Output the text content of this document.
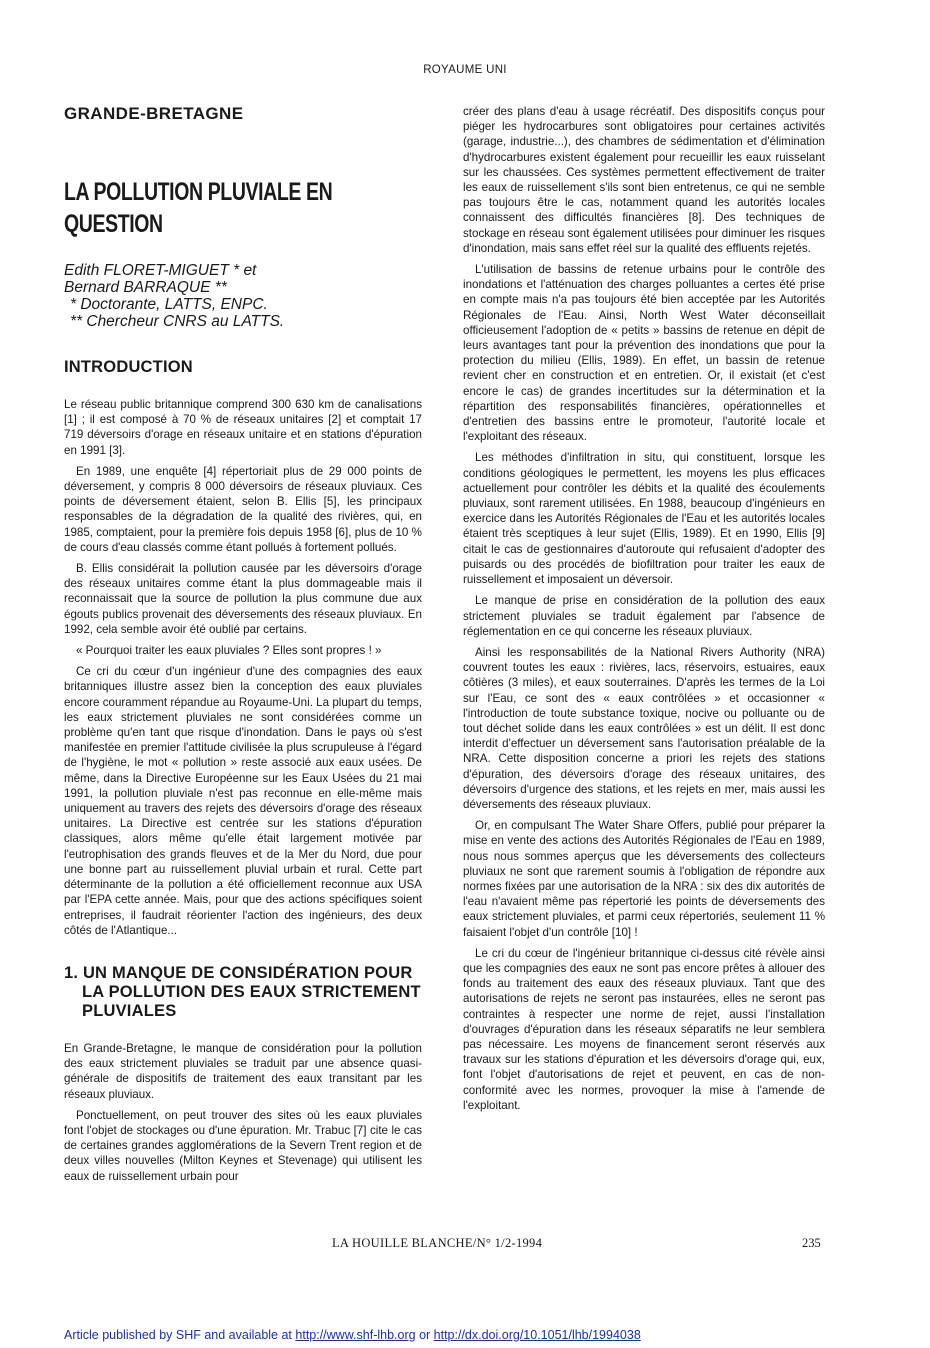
ROYAUME UNI
GRANDE-BRETAGNE
LA POLLUTION PLUVIALE EN
QUESTION
Edith FLORET-MIGUET * et
Bernard BARRAQUE **
* Doctorante, LATTS, ENPC.
** Chercheur CNRS au LATTS.
INTRODUCTION

Le réseau public britannique comprend 300 630 km de canalisations [1] ; il est composé à 70 % de réseaux unitaires [2] et comptait 17 719 déversoirs d'orage en réseaux unitaire et en stations d'épuration en 1991 [3].

En 1989, une enquête [4] répertoriait plus de 29 000 points de déversement, y compris 8 000 déversoirs de réseaux pluviaux. Ces points de déversement étaient, selon B. Ellis [5], les principaux responsables de la dégradation de la qualité des rivières, qui, en 1985, comptaient, pour la première fois depuis 1958 [6], plus de 10 % de cours d'eau classés comme étant pollués à fortement pollués.

B. Ellis considérait la pollution causée par les déversoirs d'orage des réseaux unitaires comme étant la plus dommageable mais il reconnaissait que la source de pollution la plus commune due aux égouts publics provenait des déversements des réseaux pluviaux. En 1992, cela semble avoir été oublié par certains.

« Pourquoi traiter les eaux pluviales ? Elles sont propres ! »

Ce cri du cœur d'un ingénieur d'une des compagnies des eaux britanniques illustre assez bien la conception des eaux pluviales encore couramment répandue au Royaume-Uni. La plupart du temps, les eaux strictement pluviales ne sont considérées comme un problème qu'en tant que risque d'inondation. Dans le pays où s'est manifestée en premier l'attitude civilisée la plus scrupuleuse à l'égard de l'hygiène, le mot « pollution » reste associé aux eaux usées. De même, dans la Directive Européenne sur les Eaux Usées du 21 mai 1991, la pollution pluviale n'est pas reconnue en elle-même mais uniquement au travers des rejets des déversoirs d'orage des réseaux unitaires. La Directive est centrée sur les stations d'épuration classiques, alors même qu'elle était largement motivée par l'eutrophisation des grands fleuves et de la Mer du Nord, due pour une bonne part au ruissellement pluvial urbain et rural. Cette part déterminante de la pollution a été officiellement reconnue aux USA par l'EPA cette année. Mais, pour que des actions spécifiques soient entreprises, il faudrait réorienter l'action des ingénieurs, des deux côtés de l'Atlantique...

1. UN MANQUE DE CONSIDÉRATION POUR LA POLLUTION DES EAUX STRICTEMENT PLUVIALES

En Grande-Bretagne, le manque de considération pour la pollution des eaux strictement pluviales se traduit par une absence quasi-générale de dispositifs de traitement des eaux transitant par les réseaux pluviaux.

Ponctuellement, on peut trouver des sites où les eaux pluviales font l'objet de stockages ou d'une épuration. Mr. Trabuc [7] cite le cas de certaines grandes agglomérations de la Severn Trent region et de deux villes nouvelles (Milton Keynes et Stevenage) qui utilisent les eaux de ruissellement urbain pour

créer des plans d'eau à usage récréatif. Des dispositifs conçus pour piéger les hydrocarbures sont obligatoires pour certaines activités (garage, industrie...), des chambres de sédimentation et d'élimination d'hydrocarbures existent également pour recueillir les eaux ruisselant sur les chaussées. Ces systèmes permettent effectivement de traiter les eaux de ruissellement s'ils sont bien entretenus, ce qui ne semble pas toujours être le cas, notamment quand les autorités locales connaissent des difficultés financières [8]. Des techniques de stockage en réseau sont également utilisées pour diminuer les risques d'inondation, mais sans effet réel sur la qualité des effluents rejetés.

L'utilisation de bassins de retenue urbains pour le contrôle des inondations et l'atténuation des charges polluantes a certes été prise en compte mais n'a pas toujours été bien acceptée par les Autorités Régionales de l'Eau. Ainsi, North West Water déconseillait officieusement l'adoption de « petits » bassins de retenue en dépit de leurs avantages tant pour la prévention des inondations que pour la protection du milieu (Ellis, 1989). En effet, un bassin de retenue revient cher en construction et en entretien. Or, il existait (et c'est encore le cas) de grandes incertitudes sur la détermination et la répartition des responsabilités financières, opérationnelles et d'entretien des bassins entre le promoteur, l'autorité locale et l'exploitant des réseaux.

Les méthodes d'infiltration in situ, qui constituent, lorsque les conditions géologiques le permettent, les moyens les plus efficaces actuellement pour contrôler les débits et la qualité des écoulements pluviaux, sont rarement utilisées. En 1988, beaucoup d'ingénieurs en exercice dans les Autorités Régionales de l'Eau et les autorités locales étaient très sceptiques à leur sujet (Ellis, 1989). Et en 1990, Ellis [9] citait le cas de gestionnaires d'autoroute qui refusaient d'adopter des puisards ou des procédés de biofiltration pour traiter les eaux de ruissellement et imposaient un déversoir.

Le manque de prise en considération de la pollution des eaux strictement pluviales se traduit également par l'absence de réglementation en ce qui concerne les réseaux pluviaux.

Ainsi les responsabilités de la National Rivers Authority (NRA) couvrent toutes les eaux : rivières, lacs, réservoirs, estuaires, eaux côtières (3 miles), et eaux souterraines. D'après les termes de la Loi sur l'Eau, ce sont des « eaux contrôlées » et occasionner « l'introduction de toute substance toxique, nocive ou polluante ou de tout déchet solide dans les eaux contrôlées » est un délit. Il est donc interdit d'effectuer un déversement sans l'autorisation préalable de la NRA. Cette disposition concerne a priori les rejets des stations d'épuration, des déversoirs d'orage des réseaux unitaires, des déversoirs d'urgence des stations, et les rejets en mer, mais aussi les déversements des réseaux pluviaux.

Or, en compulsant The Water Share Offers, publié pour préparer la mise en vente des actions des Autorités Régionales de l'Eau en 1989, nous nous sommes aperçus que les déversements des collecteurs pluviaux ne sont que rarement soumis à l'obligation de répondre aux normes fixées par une autorisation de la NRA : six des dix autorités de l'eau n'avaient même pas répertorié les points de déversements des eaux strictement pluviales, et parmi ceux répertoriés, seulement 11 % faisaient l'objet d'un contrôle [10] !

Le cri du cœur de l'ingénieur britannique ci-dessus cité révèle ainsi que les compagnies des eaux ne sont pas encore prêtes à allouer des fonds au traitement des eaux des réseaux pluviaux. Tant que des autorisations de rejets ne seront pas instaurées, elles ne seront pas contraintes à respecter une norme de rejet, aussi l'installation d'ouvrages d'épuration dans les réseaux séparatifs ne leur semblera pas nécessaire. Les moyens de financement seront réservés aux travaux sur les stations d'épuration et les déversoirs d'orage qui, eux, font l'objet d'autorisations de rejet et peuvent, en cas de non-conformité avec les normes, provoquer la mise à l'amende de l'exploitant.

LA HOUILLE BLANCHE/N° 1/2-1994	235
Article published by SHF and available at http://www.shf-lhb.org or http://dx.doi.org/10.1051/lhb/1994038
